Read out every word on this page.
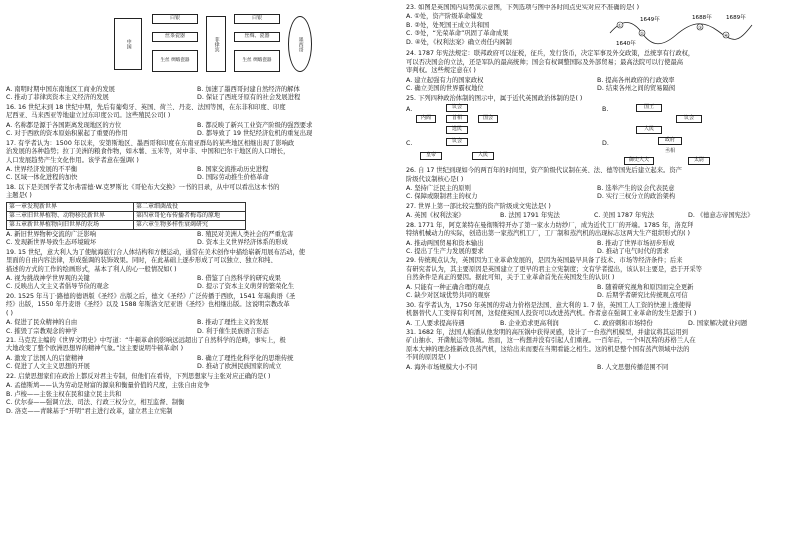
中国
白银
丝茶瓷器
生丝
绸缎 瓷器
菲律宾
白银
丝绸、瓷器
生丝
绸缎 瓷器
墨西哥
A. 南明时期中国东南地区工商业的发展	B. 加速了墨西哥封建自然经济的解体
C. 推动了菲律宾资本主义经济的发展	D. 保证了西班牙原有的社会发展进程
16. 16 世纪末到 18 世纪中期，先后有葡萄牙、英国、荷兰、丹麦、法国等国，在东非和印度、印度
尼西亚、马来西亚等地建立过东印度公司。这些殖民公司( )
A. 名称都是源于各国距离发现地区的方位	B. 都反映了新兴工业资产阶级的强烈要求
C. 对于西欧的资本原始积累起了重要的作用	D. 都导致了 19 世纪经济危机的重复出现
17. 有学者认为：1500 年以来，安第斯地区、墨西哥和印度在东南亚群岛的某些地区相继出现了影响政
治发展的各种趋势；拉丁美洲的粮食作物，如木薯、玉米等，对中非、中国和巴尔干地区的人口增长，
人口发展趋势产生文化作用。该学者意在强调( )
A. 世界经济发展的不平衡	B. 国家交流推动历史进程
C. 区域一体化进程的加快	D. 国际劳动推生价格革命
18. 以下是美国学者艾尔弗雷德·W.克罗斯比《哥伦布大交换》一书的目录，从中可以看出这本书的
主题是( )
第一章发现新世界	第二章细菌战役
第三章旧世界植物、动物移民新世界	第四章哥伦布传播者梅毒的原地
第五章新世界植物向旧世界的农场	第六章生物多样性衰竭研究
A. 新旧世界物种交流的广泛影响	B. 殖民对美洲人类社会的严重危害
C. 发现新世界导致生态环境破坏	D. 资本主义世界经济体系的形成
19. 15 世纪，意大利人为了使航海旅行合人体结构和方便运动，通常在美术创作中描绘崭新用展布活动，使
里面的自由内容法律，形成强调的装饰效果。同时，在此基础上逐步形成了可以独立、独立和纯、
描述的方式的工作的绘画形式，基本了利人的心一般情况如( )
A. 视为挑战神学世界观的关键	B. 借鉴了自然科学的研究成果
C. 反映出人文主义者倡导节俭的观念	D. 提示了资本主义萌芽的繁荣化生
20. 1525 年马丁·路德的德语版《圣经》出版之后，德文《圣经》广泛传播于西欧，1541 年瑞典语《圣
经》出版，1550 年丹麦语《圣经》以及 1588 年斯洛文尼亚语《圣经》也相继出版。这说明宗教改革
( )
A. 促进了民众精神的自由	B. 推动了理性主义的发展
C. 摧毁了宗教观念的神学	D. 利于催生民族语言形态
21. 马克克主编的《世界文明史》中写道：“牛顿革命的影响远远超出了自然科学的范畴，事实上，极
大地改变了整个欧洲思想界的精神气象。”这主要说明牛顿革命( )
A. 激发了法国人的启蒙精神	B. 确立了理性化科学化的思维传统
C. 促进了人文主义思想的开展	D. 推动了欧洲民族国家的成立
22. 启蒙思想家们在政治上都反对君主专制，但他们在看待，下列思想家与主张对应正确的是( )
A. 孟德斯鸠——认为劳动是财富的源泉和衡量价值的尺度，主张自由竞争
B. 卢梭——主张主权在民和建立民主共和
C. 伏尔泰——强调立法、司法、行政三权分立，相互监督、制衡
D. 洛克——青睐基于“开明”君主进行改革，建立君主立宪制
23. 如图是英国国内局势演示意图，下列选项与图中各时间点史实对应不准确的是( )
A. ①处，资产阶级革命爆发
B. ②处，处死国王成立共和国
C. ③处，“光荣革命”巩固了革命成果
D. ④处，《权利法案》确立责任内阁制
①
1640年
②
1649年
③
1688年
④
1689年
24. 1787 年宪法规定：联邦政府可以征税，征兵，发行货币，决定军事及外交政策，总统享有行政权，
可以否决国会的立法，还是军队的最高统帅；国会有权调整国际及外部贸易；最高法院可以行使最高
审判权。这些规定意在( )
A. 建立起强有力的国家政权	B. 提高各州政府的行政效率
C. 确立美国的世界霸权地位	D. 结束各州之间的贸易隔阂
25. 下列四种政治体制的图示中，属于近代英国政治体制的是( )
A.	议会
内阁	首相	国会
选民
B.	国王
议会
人民
C.	议会
皇帝	人民
D.	政府
丞相
御史大夫	太尉
26. 自 17 世纪到现如今的两百年的时间里，资产阶级代议制在英、法、德等国先后建立起来。资产
阶级代议制核心是( )
A. 坚持广泛民主的原则	B. 选举产生的议会代表民意
C. 保障或限制君主的权力	D. 实行三权分立的政治架构
27. 世界上第一部比较完整的资产阶级成文宪法是( )
A. 英国《权利法案》	B. 法国 1791 年宪法	C. 美国 1787 年宪法	D. 《德意志帝国宪法》
28. 1771 年，阿克莱特在曼彻斯特开办了第一家水力纺纱厂，成为近代工厂的开端。1785 年，洛克拜
特纳机械动力的实际，创造出第一家蒸汽机工厂，工厂制和蒸汽机的出现标志这两大生产组织形式的( )
A. 推动两国贸易和资本输出	B. 推动了世界市场初步形成
C. 提出了生产力发展的要求	D. 推动了电气时代的需求
29. 传统观点认为，英国因为工业革命发展的，是因为英国最早具备了技术、市场等经济条件；后来
有研究者认为，其主要原因是英国建立了更早的君主立宪制度；文有学者提出，该认识主要是，恐于开采等
自然条件是真正的要因。据此可知，关于工业革命首先在英国发生的认识( )
A. 只能有一种正确合理的观点	B. 随着研究视角和原因而完全更新
C. 缺少对区域优势共同的观察	D. 后期学者研究比传统观点可信
30. 有学者认为，1750 年英国的劳动力价格是法国、意大利的 1. 7 倍，英国工人工资的快速上涨使得
机器替代人工变得有利可图，这促使英国人投资可以改进蒸汽机。作者意在强调工业革命的发生是源于( )
A. 工人要求提高待遇	B. 企业追求更高利润	C. 政府刺和市场特份	D. 国家解决就业问题
31. 1682 年，法国人帕潘从他发明的高压锅中获得灵感，设计了一台蒸汽机模型，并建议将其运用到
矿山抽水、开凿航运等领域。然而，这一构想并没有引起人们重视。一百年后，一个叫瓦特的苏格兰人在
原本大神的理念推新改良蒸汽机，这给出来而要在当期看能之相生。这的机是整个国有蒸汽领域中法的
不同的原因是( )
A. 海外市场规模大小不同	B. 人文思想传播范围不同
